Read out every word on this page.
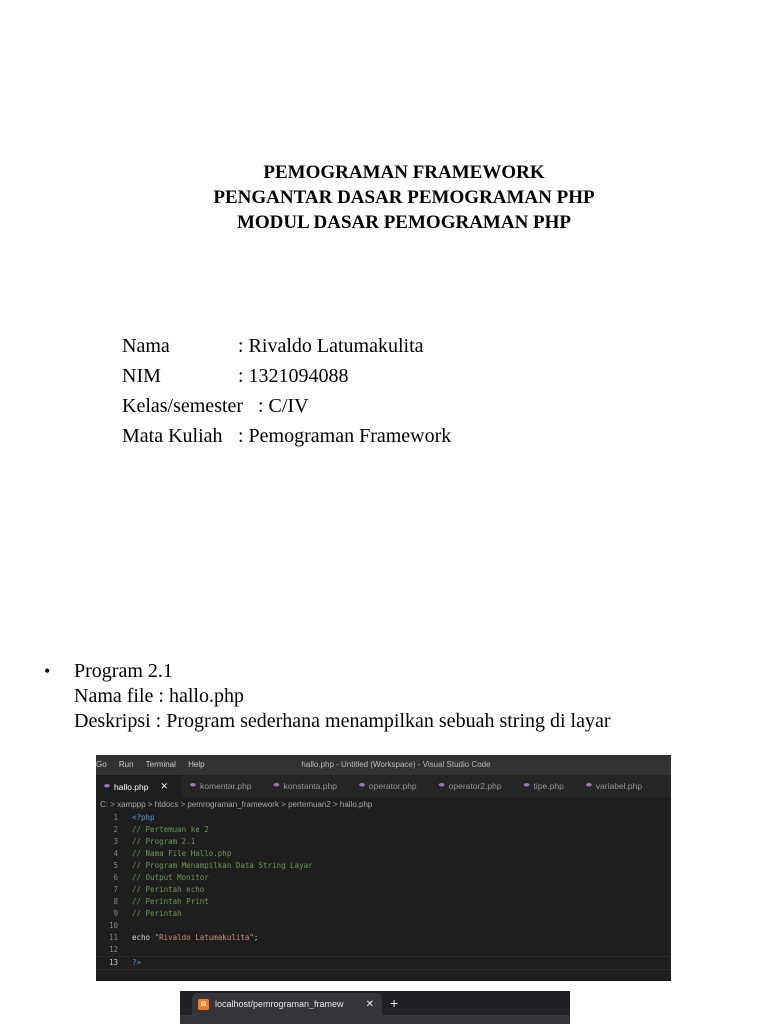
PEMOGRAMAN FRAMEWORK
PENGANTAR DASAR PEMOGRAMAN PHP
MODUL DASAR PEMOGRAMAN PHP
Nama	: Rivaldo Latumakulita
NIM	: 1321094088
Kelas/semester : C/IV
Mata Kuliah : Pemograman Framework
• Program 2.1
Nama file : hallo.php
Deskripsi : Program sederhana menampilkan sebuah string di layar
Go Run Terminal Help	hallo.php - Untitled (Workspace) - Visual Studio Code
⬬ hallo.php ✕	⬬ komentar.php	⬬ konstanta.php	⬬ operator.php	⬬ operator2.php	⬬ tipe.php	⬬ variabel.php
C: > xamppp > htdocs > pemrograman_framework > pertemuan2 > hallo.php
1	<?php
2	// Pertemuan ke 2
3	// Program 2.1
4	// Nama File Hallo.php
5	// Program Menampilkan Data String Layar
6	// Output Monitor
7	// Perintah echo
8	// Perintah Print
9	// Perintah
10
11	echo "Rivaldo Latumakulita" ;
12
13	?>
⊠ localhost/pemrograman_framew	✕ +
